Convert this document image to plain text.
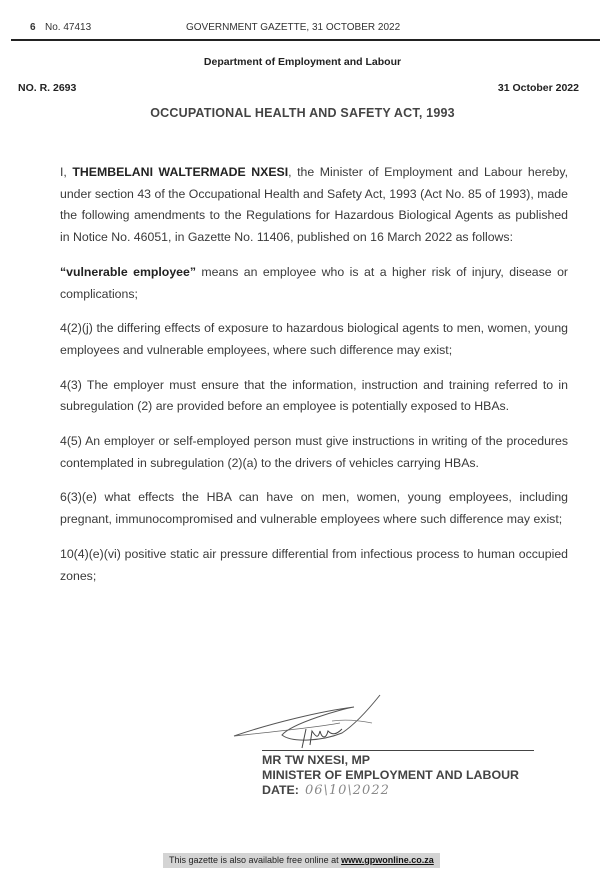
6 No. 47413	GOVERNMENT GAZETTE, 31 OCTOBER 2022
Department of Employment and Labour
NO. R. 2693	31 October 2022
OCCUPATIONAL HEALTH AND SAFETY ACT, 1993

I, THEMBELANI WALTERMADE NXESI, the Minister of Employment and Labour hereby, under section 43 of the Occupational Health and Safety Act, 1993 (Act No. 85 of 1993), made the following amendments to the Regulations for Hazardous Biological Agents as published in Notice No. 46051, in Gazette No. 11406, published on 16 March 2022 as follows:

“vulnerable employee” means an employee who is at a higher risk of injury, disease or complications;

4(2)(j) the differing effects of exposure to hazardous biological agents to men, women, young employees and vulnerable employees, where such difference may exist;

4(3) The employer must ensure that the information, instruction and training referred to in subregulation (2) are provided before an employee is potentially exposed to HBAs.

4(5) An employer or self-employed person must give instructions in writing of the procedures contemplated in subregulation (2)(a) to the drivers of vehicles carrying HBAs.

6(3)(e) what effects the HBA can have on men, women, young employees, including pregnant, immunocompromised and vulnerable employees where such difference may exist;

10(4)(e)(vi) positive static air pressure differential from infectious process to human occupied zones;

MR TW NXESI, MP
MINISTER OF EMPLOYMENT AND LABOUR
DATE: 06\10\2022
This gazette is also available free online at www.gpwonline.co.za
